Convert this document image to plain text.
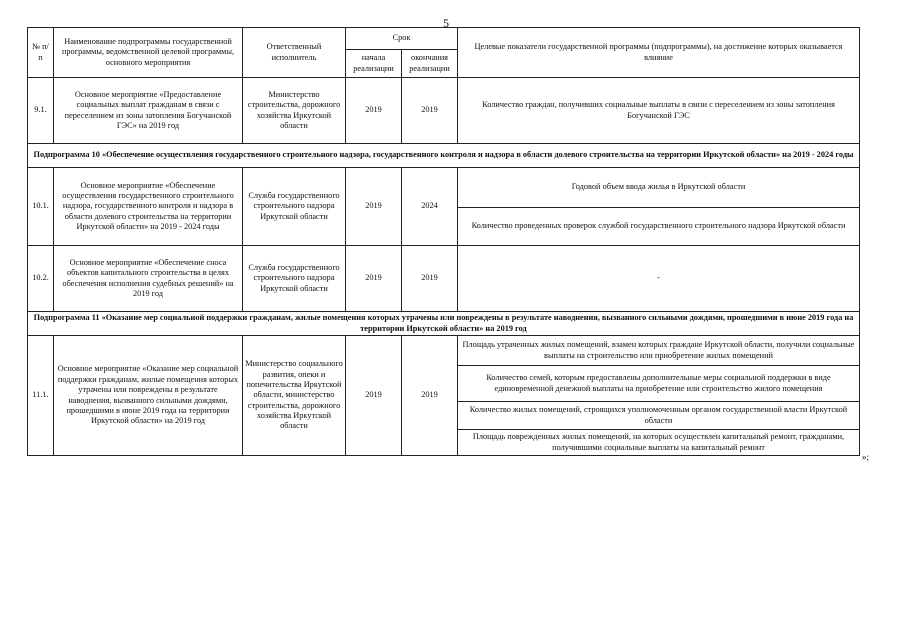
5
№ п/п	Наименование подпрограммы государственной программы, ведомственной целевой программы, основного мероприятия	Ответственный исполнитель	Срок		Целевые показатели государственной программы (подпрограммы), на достижение которых оказывается влияние
			начала реализации	окончания реализации	
9.1.	Основное мероприятие «Предоставление социальных выплат гражданам в связи с переселением из зоны затопления Богучанской ГЭС» на 2019 год	Министерство строительства, дорожного хозяйства Иркутской области	2019	2019	Количество граждан, получивших социальные выплаты в связи с переселением из зоны затопления Богучанской ГЭС
Подпрограмма 10 «Обеспечение осуществления государственного строительного надзора, государственного контроля и надзора в области долевого строительства на территории Иркутской области» на 2019 - 2024 годы					
10.1.	Основное мероприятие «Обеспечение осуществления государственного строительного надзора, государственного контроля и надзора в области долевого строительства на территории Иркутской области» на 2019 - 2024 годы	Служба государственного строительного надзора Иркутской области	2019	2024	Годовой объем ввода жилья в Иркутской области
					Количество проведенных проверок службой государственного строительного надзора Иркутской области
10.2.	Основное мероприятие «Обеспечение сноса объектов капитального строительства в целях обеспечения исполнения судебных решений» на 2019 год	Служба государственного строительного надзора Иркутской области	2019	2019	-
Подпрограмма 11 «Оказание мер социальной поддержки гражданам, жилые помещения которых утрачены или повреждены в результате наводнения, вызванного сильными дождями, прошедшими в июне 2019 года на территории Иркутской области» на 2019 год					
11.1.	Основное мероприятие «Оказание мер социальной поддержки гражданам, жилые помещения которых утрачены или повреждены в результате наводнения, вызванного сильными дождями, прошедшими в июне 2019 года на территории Иркутской области» на 2019 год	Министерство социального развития, опеки и попечительства Иркутской области, министерство строительства, дорожного хозяйства Иркутской области	2019	2019	Площадь утраченных жилых помещений, взамен которых граждане Иркутской области, получили социальные выплаты на строительство или приобретение жилых помещений
					Количество семей, которым предоставлены дополнительные меры социальной поддержки в виде единовременной денежной выплаты на приобретение или строительство жилого помещения
					Количество жилых помещений, строящихся уполномоченным органом государственной власти Иркутской области
					Площадь поврежденных жилых помещений, на которых осуществлен капитальный ремонт, гражданами, получившими социальные выплаты на капитальный ремонт
»;
